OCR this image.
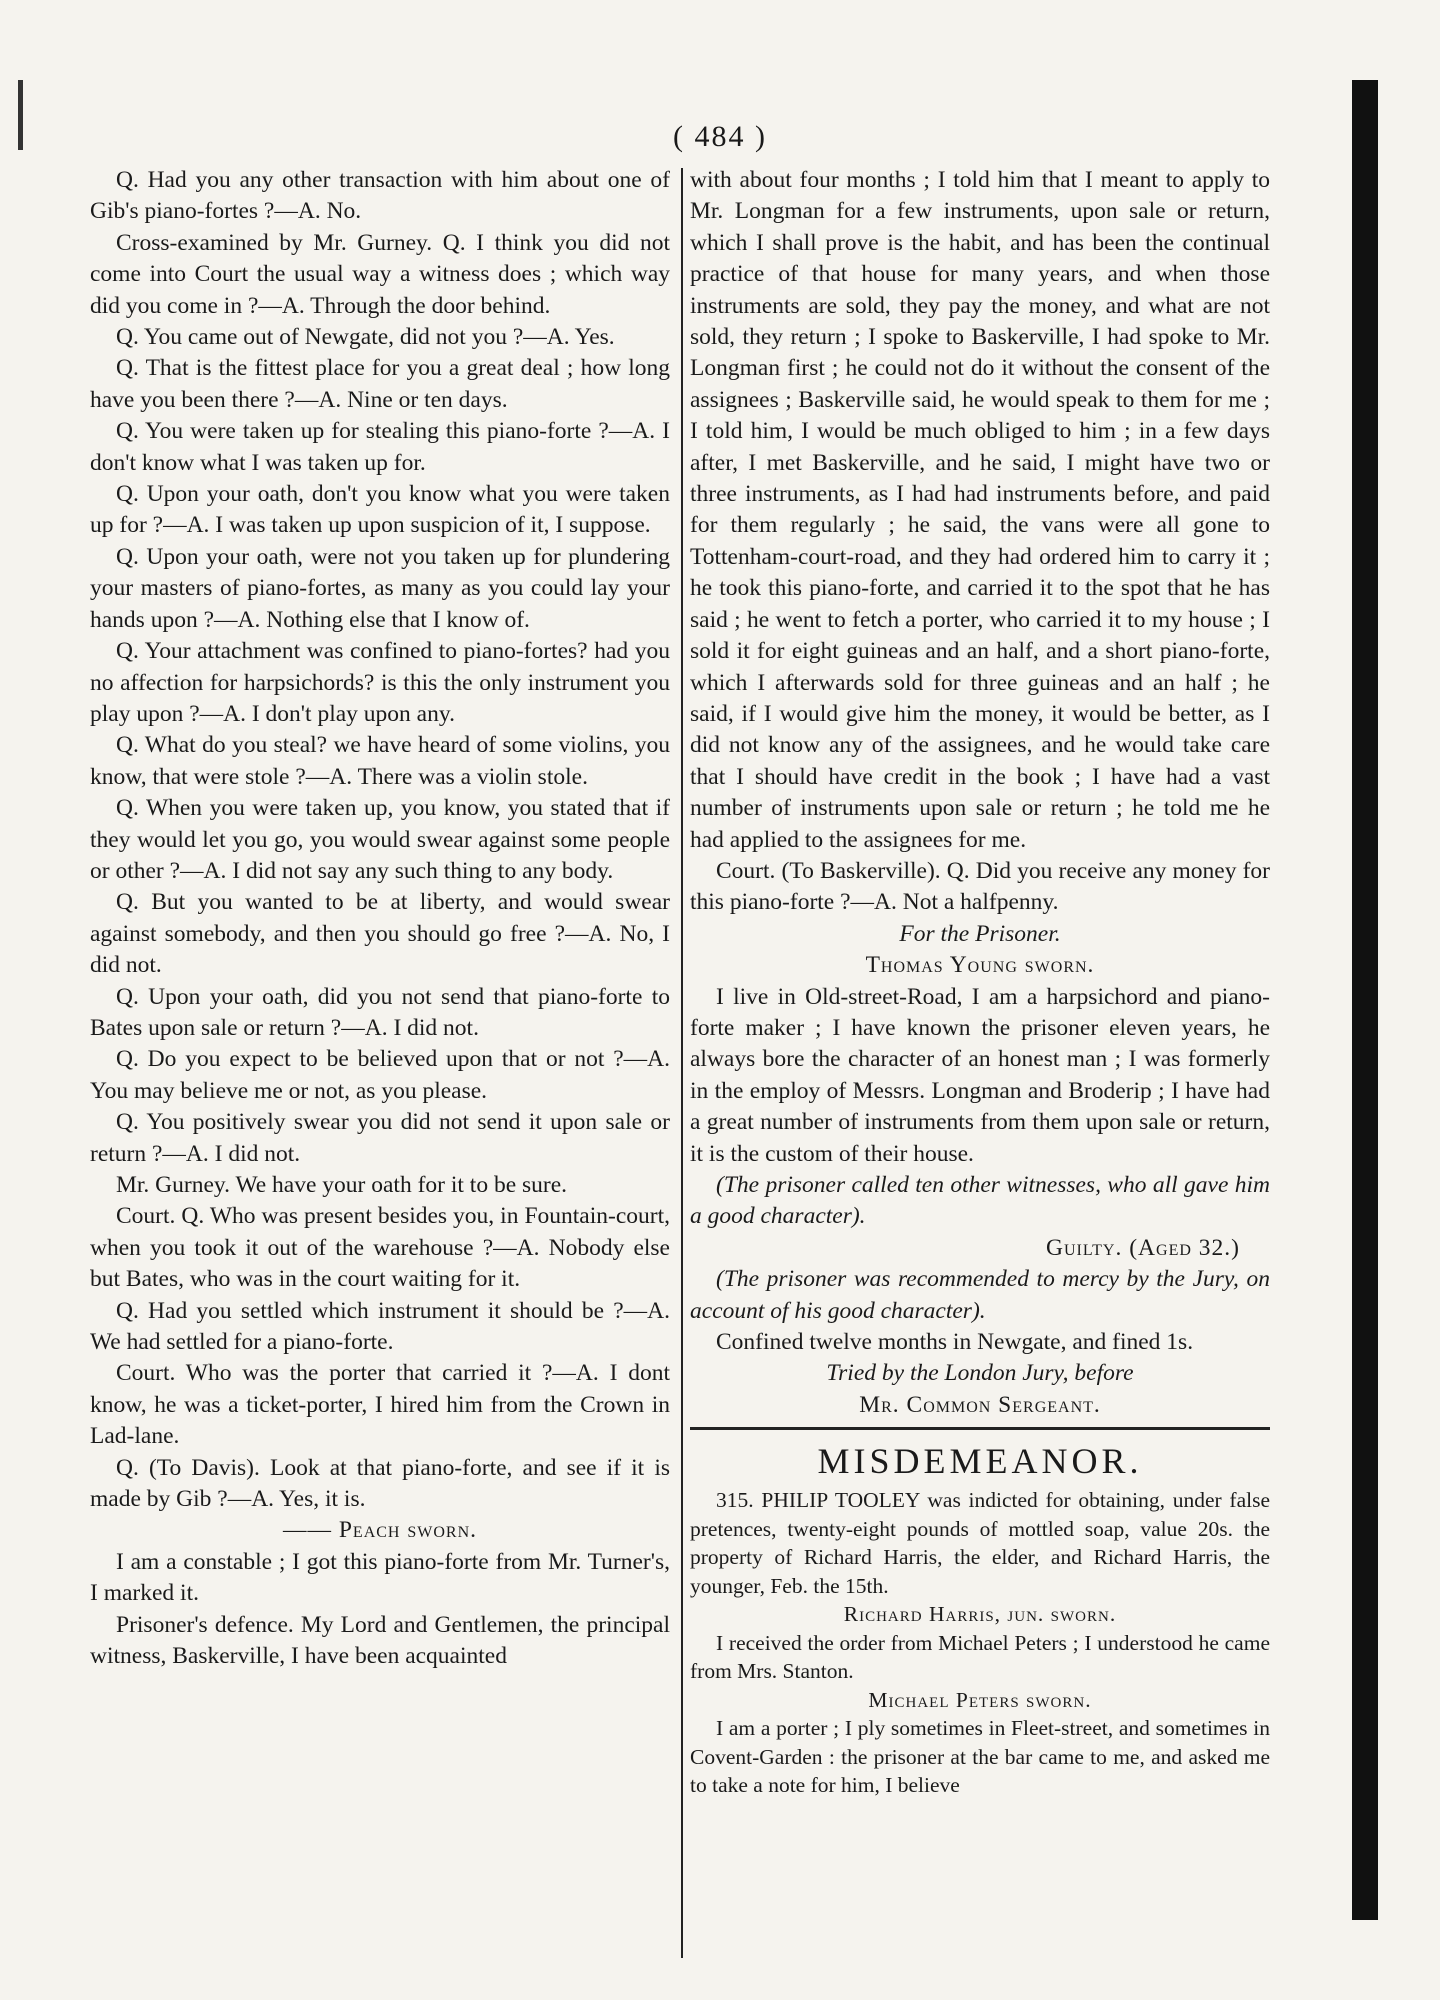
( 484 )

Q. Had you any other transaction with him about one of Gib's piano-fortes ?—A. No.

Cross-examined by Mr. Gurney. Q. I think you did not come into Court the usual way a witness does ; which way did you come in ?—A. Through the door behind.

Q. You came out of Newgate, did not you ?—A. Yes.

Q. That is the fittest place for you a great deal ; how long have you been there ?—A. Nine or ten days.

Q. You were taken up for stealing this piano-forte ?—A. I don't know what I was taken up for.

Q. Upon your oath, don't you know what you were taken up for ?—A. I was taken up upon suspicion of it, I suppose.

Q. Upon your oath, were not you taken up for plundering your masters of piano-fortes, as many as you could lay your hands upon ?—A. Nothing else that I know of.

Q. Your attachment was confined to piano-fortes? had you no affection for harpsichords? is this the only instrument you play upon ?—A. I don't play upon any.

Q. What do you steal? we have heard of some violins, you know, that were stole ?—A. There was a violin stole.

Q. When you were taken up, you know, you stated that if they would let you go, you would swear against some people or other ?—A. I did not say any such thing to any body.

Q. But you wanted to be at liberty, and would swear against somebody, and then you should go free ?—A. No, I did not.

Q. Upon your oath, did you not send that piano-forte to Bates upon sale or return ?—A. I did not.

Q. Do you expect to be believed upon that or not ?—A. You may believe me or not, as you please.

Q. You positively swear you did not send it upon sale or return ?—A. I did not.

Mr. Gurney. We have your oath for it to be sure.

Court. Q. Who was present besides you, in Fountain-court, when you took it out of the warehouse ?—A. Nobody else but Bates, who was in the court waiting for it.

Q. Had you settled which instrument it should be ?—A. We had settled for a piano-forte.

Court. Who was the porter that carried it ?—A. I dont know, he was a ticket-porter, I hired him from the Crown in Lad-lane.

Q. (To Davis). Look at that piano-forte, and see if it is made by Gib ?—A. Yes, it is.

—— Peach sworn.

I am a constable ; I got this piano-forte from Mr. Turner's, I marked it.

Prisoner's defence. My Lord and Gentlemen, the principal witness, Baskerville, I have been acquainted

with about four months ; I told him that I meant to apply to Mr. Longman for a few instruments, upon sale or return, which I shall prove is the habit, and has been the continual practice of that house for many years, and when those instruments are sold, they pay the money, and what are not sold, they return ; I spoke to Baskerville, I had spoke to Mr. Longman first ; he could not do it without the consent of the assignees ; Baskerville said, he would speak to them for me ; I told him, I would be much obliged to him ; in a few days after, I met Baskerville, and he said, I might have two or three instruments, as I had had instruments before, and paid for them regularly ; he said, the vans were all gone to Tottenham-court-road, and they had ordered him to carry it ; he took this piano-forte, and carried it to the spot that he has said ; he went to fetch a porter, who carried it to my house ; I sold it for eight guineas and an half, and a short piano-forte, which I afterwards sold for three guineas and an half ; he said, if I would give him the money, it would be better, as I did not know any of the assignees, and he would take care that I should have credit in the book ; I have had a vast number of instruments upon sale or return ; he told me he had applied to the assignees for me.

Court. (To Baskerville). Q. Did you receive any money for this piano-forte ?—A. Not a halfpenny.

For the Prisoner.

Thomas Young sworn.

I live in Old-street-Road, I am a harpsichord and piano-forte maker ; I have known the prisoner eleven years, he always bore the character of an honest man ; I was formerly in the employ of Messrs. Longman and Broderip ; I have had a great number of instruments from them upon sale or return, it is the custom of their house.

(The prisoner called ten other witnesses, who all gave him a good character).

Guilty. (Aged 32.)

(The prisoner was recommended to mercy by the Jury, on account of his good character).

Confined twelve months in Newgate, and fined 1s.

Tried by the London Jury, before

Mr. Common Sergeant.

MISDEMEANOR.

315. PHILIP TOOLEY was indicted for obtaining, under false pretences, twenty-eight pounds of mottled soap, value 20s. the property of Richard Harris, the elder, and Richard Harris, the younger, Feb. the 15th.

Richard Harris, jun. sworn.

I received the order from Michael Peters ; I understood he came from Mrs. Stanton.

Michael Peters sworn.

I am a porter ; I ply sometimes in Fleet-street, and sometimes in Covent-Garden : the prisoner at the bar came to me, and asked me to take a note for him, I believe
